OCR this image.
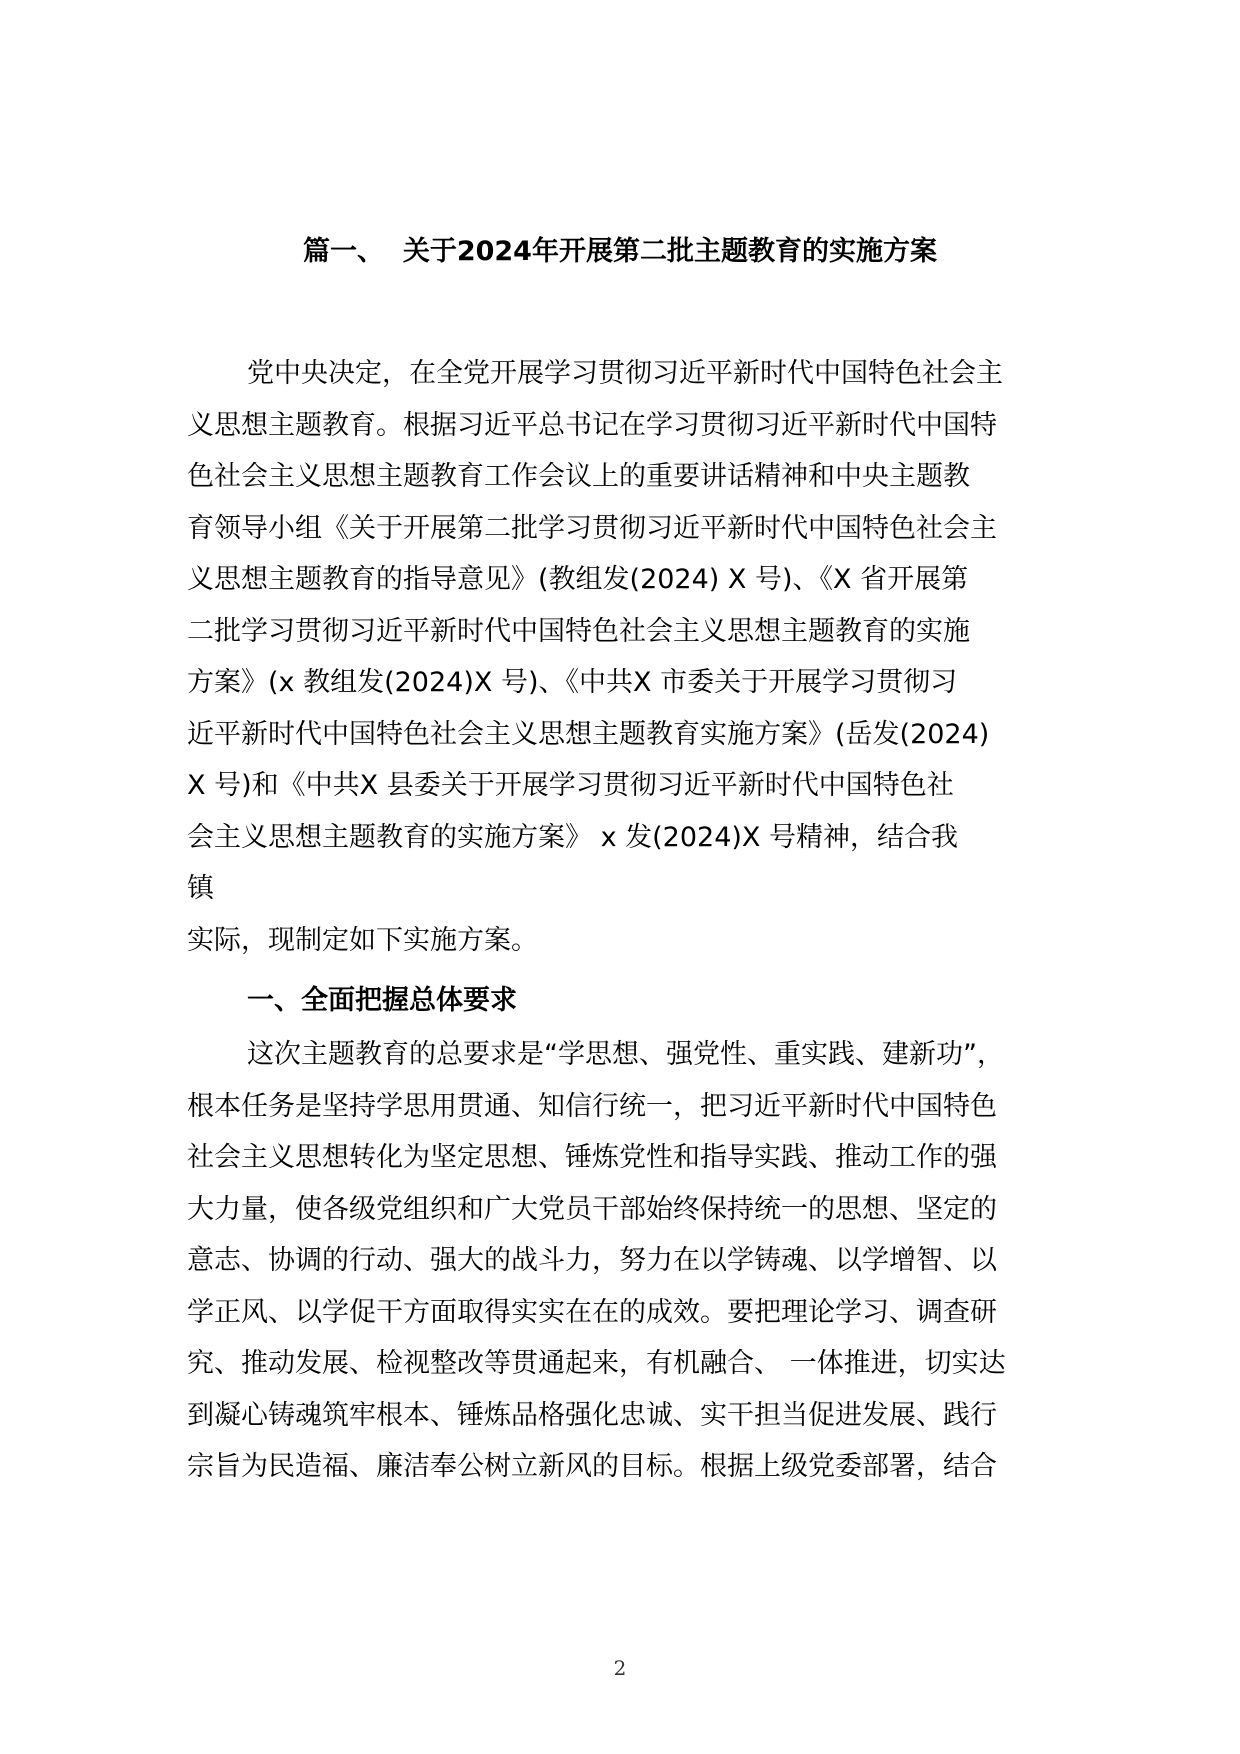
篇一、  关于2024年开展第二批主题教育的实施方案
党中央决定，在全党开展学习贯彻习近平新时代中国特色社会主
义思想主题教育。根据习近平总书记在学习贯彻习近平新时代中国特
色社会主义思想主题教育工作会议上的重要讲话精神和中央主题教
育领导小组《关于开展第二批学习贯彻习近平新时代中国特色社会主
义思想主题教育的指导意见》(教组发(2024) X 号)、《X 省开展第
二批学习贯彻习近平新时代中国特色社会主义思想主题教育的实施
方案》(x 教组发(2024)X 号)、《中共X 市委关于开展学习贯彻习
近平新时代中国特色社会主义思想主题教育实施方案》(岳发(2024)
X 号)和《中共X 县委关于开展学习贯彻习近平新时代中国特色社
会主义思想主题教育的实施方案》 x 发(2024)X 号精神，结合我
镇
实际，现制定如下实施方案。
一、全面把握总体要求
这次主题教育的总要求是“学思想、强党性、重实践、建新功”，
根本任务是坚持学思用贯通、知信行统一，把习近平新时代中国特色
社会主义思想转化为坚定思想、锤炼党性和指导实践、推动工作的强
大力量，使各级党组织和广大党员干部始终保持统一的思想、坚定的
意志、协调的行动、强大的战斗力，努力在以学铸魂、以学增智、以
学正风、以学促干方面取得实实在在的成效。要把理论学习、调查研
究、推动发展、检视整改等贯通起来，有机融合、 一体推进，切实达
到凝心铸魂筑牢根本、锤炼品格强化忠诚、实干担当促进发展、践行
宗旨为民造福、廉洁奉公树立新风的目标。根据上级党委部署，结合
2
